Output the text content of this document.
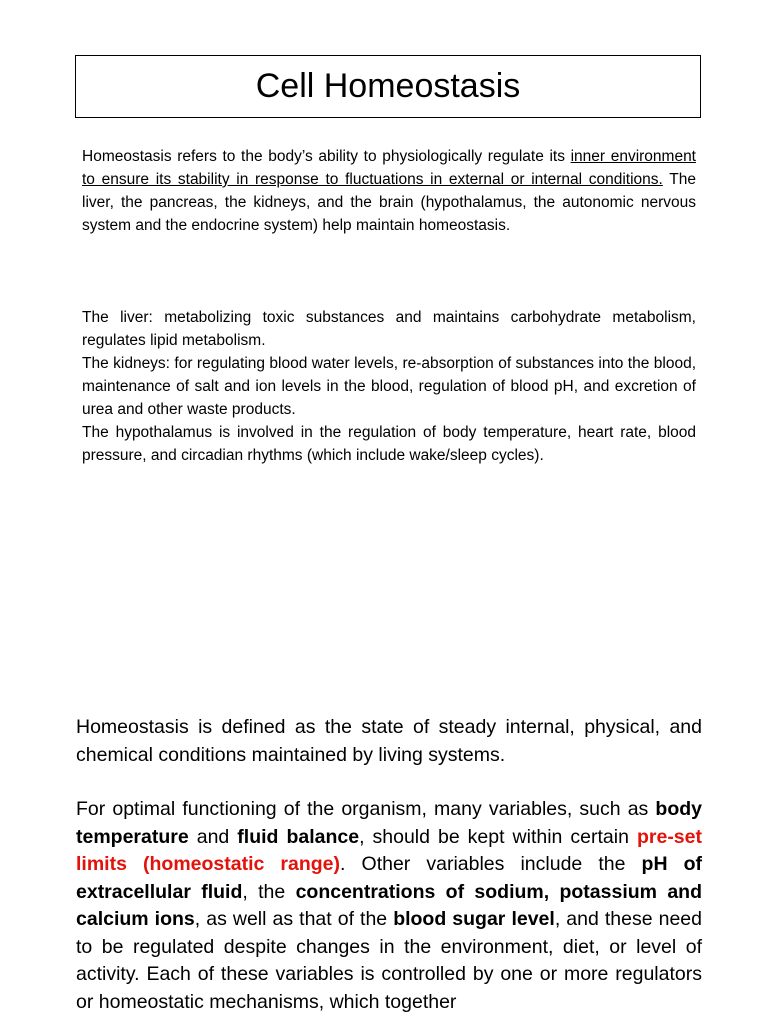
Cell Homeostasis
Homeostasis refers to the body’s ability to physiologically regulate its inner environment to ensure its stability in response to fluctuations in external or internal conditions. The liver, the pancreas, the kidneys, and the brain (hypothalamus, the autonomic nervous system and the endocrine system) help maintain homeostasis.

The liver: metabolizing toxic substances and maintains carbohydrate metabolism, regulates lipid metabolism.

The kidneys: for regulating blood water levels, re-absorption of substances into the blood, maintenance of salt and ion levels in the blood, regulation of blood pH, and excretion of urea and other waste products.

The hypothalamus is involved in the regulation of body temperature, heart rate, blood pressure, and circadian rhythms (which include wake/sleep cycles).

Homeostasis is defined as the state of steady internal, physical, and chemical conditions maintained by living systems.

For optimal functioning of the organism, many variables, such as body temperature and fluid balance, should be kept within certain pre-set limits (homeostatic range). Other variables include the pH of extracellular fluid, the concentrations of sodium, potassium and calcium ions, as well as that of the blood sugar level, and these need to be regulated despite changes in the environment, diet, or level of activity. Each of these variables is controlled by one or more regulators or homeostatic mechanisms, which together
